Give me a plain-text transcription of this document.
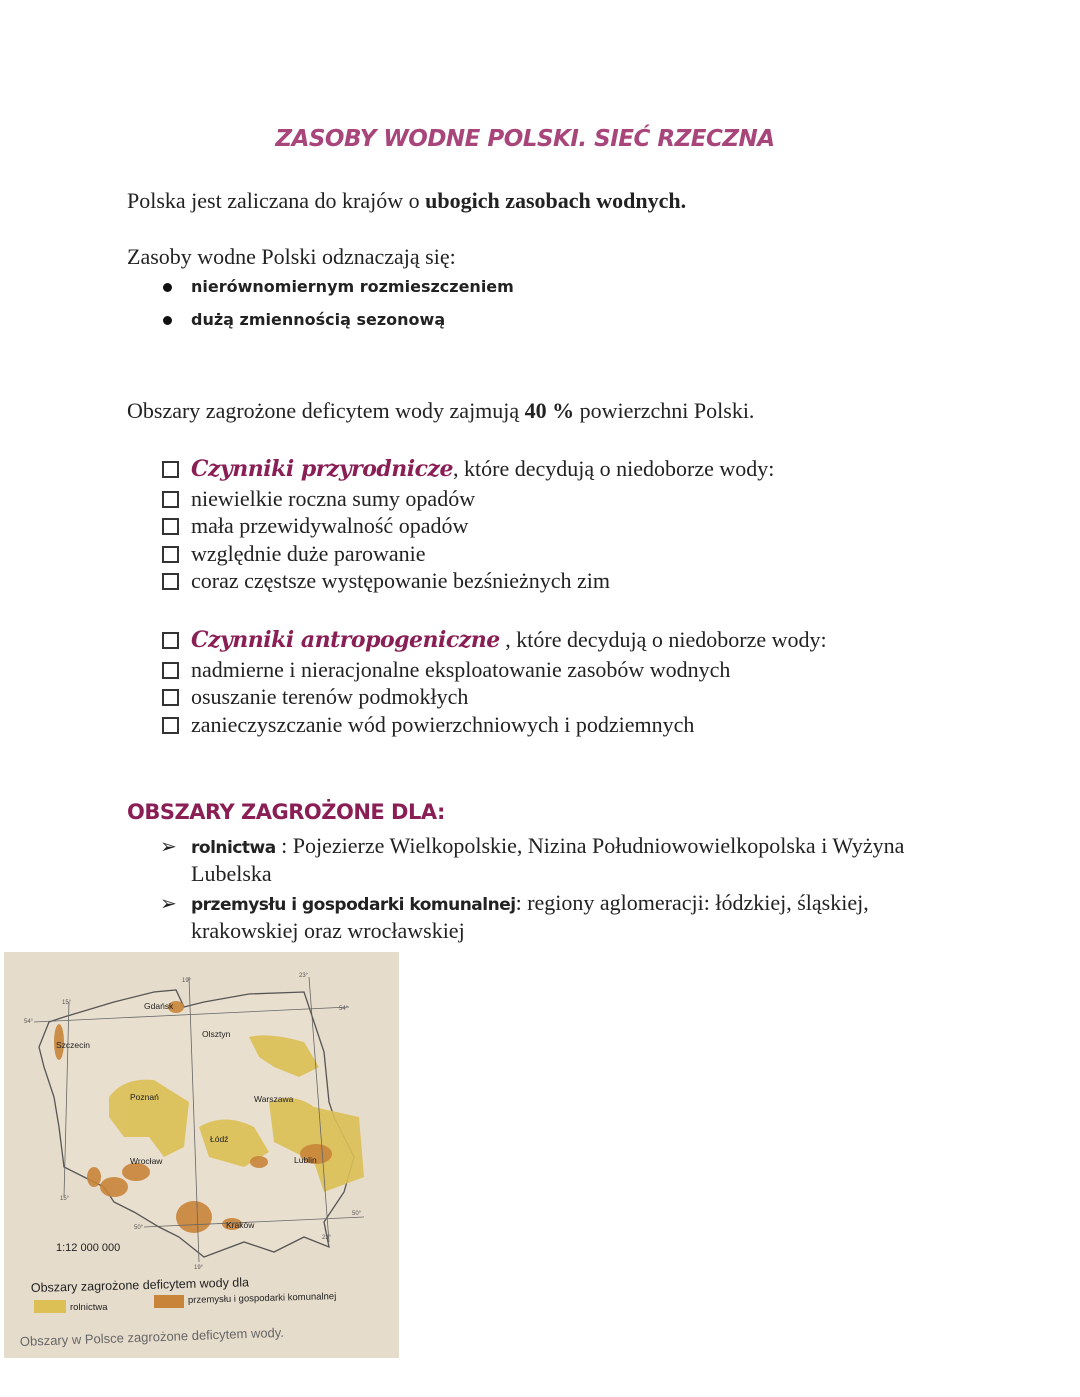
ZASOBY WODNE POLSKI. SIEĆ RZECZNA
Polska jest zaliczana do krajów o ubogich zasobach wodnych.
Zasoby wodne Polski odznaczają się:
nierównomiernym rozmieszczeniem
dużą zmiennością sezonową
Obszary zagrożone deficytem wody zajmują 40 % powierzchni Polski.
Czynniki przyrodnicze, które decydują o niedoborze wody:
niewielkie roczna sumy opadów
mała przewidywalność opadów
względnie duże parowanie
coraz częstsze występowanie bezśnieżnych zim
Czynniki antropogeniczne , które decydują o niedoborze wody:
nadmierne i nieracjonalne eksploatowanie zasobów wodnych
osuszanie terenów podmokłych
zanieczyszczanie wód powierzchniowych i podziemnych
OBSZARY ZAGROŻONE DLA:
➢ rolnictwa : Pojezierze Wielkopolskie, Nizina Południowowielkopolska i Wyżyna
Lubelska
➢ przemysłu i gospodarki komunalnej: regiony aglomeracji: łódzkiej, śląskiej,
krakowskiej oraz wrocławskiej
Gdańsk
Olsztyn
Szczecin
Poznań	Warszawa
Łódź
Wrocław	Lublin
Kraków
19°
23°
15°
54°
54°
15°
50°
50°
23°
19°
1:12 000 000
Obszary zagrożone deficytem wody dla
rolnictwa
przemysłu i gospodarki komunalnej
Obszary w Polsce zagrożone deficytem wody.
